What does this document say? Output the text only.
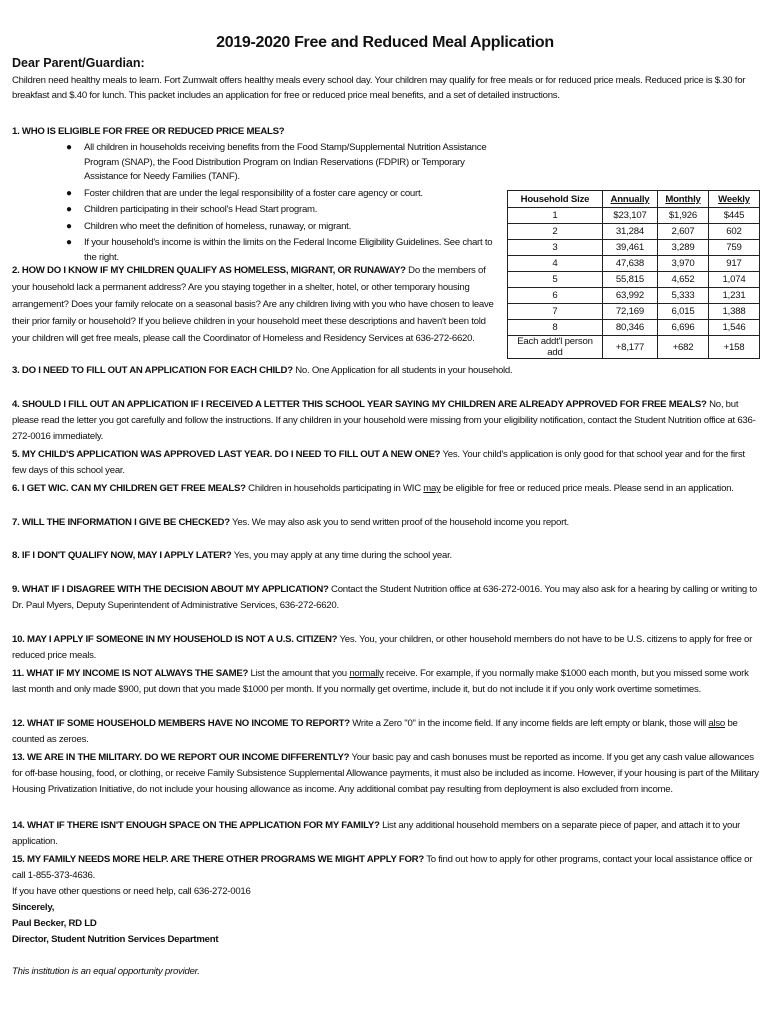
2019-2020 Free and Reduced Meal Application
Dear Parent/Guardian:
Children need healthy meals to learn. Fort Zumwalt offers healthy meals every school day. Your children may qualify for free meals or for reduced price meals. Reduced price is $.30 for breakfast and $.40 for lunch. This packet includes an application for free or reduced price meal benefits, and a set of detailed instructions.
1. WHO IS ELIGIBLE FOR FREE OR REDUCED PRICE MEALS?
● All children in households receiving benefits from the Food Stamp/Supplemental Nutrition Assistance Program (SNAP), the Food Distribution Program on Indian Reservations (FDPIR) or Temporary Assistance for Needy Families (TANF).
● Foster children that are under the legal responsibility of a foster care agency or court.
● Children participating in their school's Head Start program.
● Children who meet the definition of homeless, runaway, or migrant.
● If your household's income is within the limits on the Federal Income Eligibility Guidelines. See chart to the right.
Household Size	Annually	Monthly	Weekly
1	$23,107	$1,926	$445
2	31,284	2,607	602
3	39,461	3,289	759
4	47,638	3,970	917
5	55,815	4,652	1,074
6	63,992	5,333	1,231
7	72,169	6,015	1,388
8	80,346	6,696	1,546
Each addt'l person add	+8,177	+682	+158
2. HOW DO I KNOW IF MY CHILDREN QUALIFY AS HOMELESS, MIGRANT, OR RUNAWAY? Do the members of your household lack a permanent address? Are you staying together in a shelter, hotel, or other temporary housing arrangement? Does your family relocate on a seasonal basis? Are any children living with you who have chosen to leave their prior family or household? If you believe children in your household meet these descriptions and haven't been told your children will get free meals, please call the Coordinator of Homeless and Residency Services at 636-272-6620.
3. DO I NEED TO FILL OUT AN APPLICATION FOR EACH CHILD? No. One Application for all students in your household.
4. SHOULD I FILL OUT AN APPLICATION IF I RECEIVED A LETTER THIS SCHOOL YEAR SAYING MY CHILDREN ARE ALREADY APPROVED FOR FREE MEALS? No, but please read the letter you got carefully and follow the instructions. If any children in your household were missing from your eligibility notification, contact the Student Nutrition office at 636-272-0016 immediately.
5. MY CHILD'S APPLICATION WAS APPROVED LAST YEAR. DO I NEED TO FILL OUT A NEW ONE? Yes. Your child's application is only good for that school year and for the first few days of this school year.
6. I GET WIC. CAN MY CHILDREN GET FREE MEALS? Children in households participating in WIC may be eligible for free or reduced price meals. Please send in an application.
7. WILL THE INFORMATION I GIVE BE CHECKED? Yes. We may also ask you to send written proof of the household income you report.
8. IF I DON'T QUALIFY NOW, MAY I APPLY LATER? Yes, you may apply at any time during the school year.
9. WHAT IF I DISAGREE WITH THE DECISION ABOUT MY APPLICATION? Contact the Student Nutrition office at 636-272-0016. You may also ask for a hearing by calling or writing to Dr. Paul Myers, Deputy Superintendent of Administrative Services, 636-272-6620.
10. MAY I APPLY IF SOMEONE IN MY HOUSEHOLD IS NOT A U.S. CITIZEN? Yes. You, your children, or other household members do not have to be U.S. citizens to apply for free or reduced price meals.
11. WHAT IF MY INCOME IS NOT ALWAYS THE SAME? List the amount that you normally receive. For example, if you normally make $1000 each month, but you missed some work last month and only made $900, put down that you made $1000 per month. If you normally get overtime, include it, but do not include it if you only work overtime sometimes.
12. WHAT IF SOME HOUSEHOLD MEMBERS HAVE NO INCOME TO REPORT? Write a Zero "0" in the income field. If any income fields are left empty or blank, those will also be counted as zeroes.
13. WE ARE IN THE MILITARY. DO WE REPORT OUR INCOME DIFFERENTLY? Your basic pay and cash bonuses must be reported as income. If you get any cash value allowances for off-base housing, food, or clothing, or receive Family Subsistence Supplemental Allowance payments, it must also be included as income. However, if your housing is part of the Military Housing Privatization Initiative, do not include your housing allowance as income. Any additional combat pay resulting from deployment is also excluded from income.
14. WHAT IF THERE ISN'T ENOUGH SPACE ON THE APPLICATION FOR MY FAMILY? List any additional household members on a separate piece of paper, and attach it to your application.
15. MY FAMILY NEEDS MORE HELP. ARE THERE OTHER PROGRAMS WE MIGHT APPLY FOR? To find out how to apply for other programs, contact your local assistance office or call 1-855-373-4636.
If you have other questions or need help, call 636-272-0016
Sincerely,
Paul Becker, RD LD
Director, Student Nutrition Services Department
This institution is an equal opportunity provider.
